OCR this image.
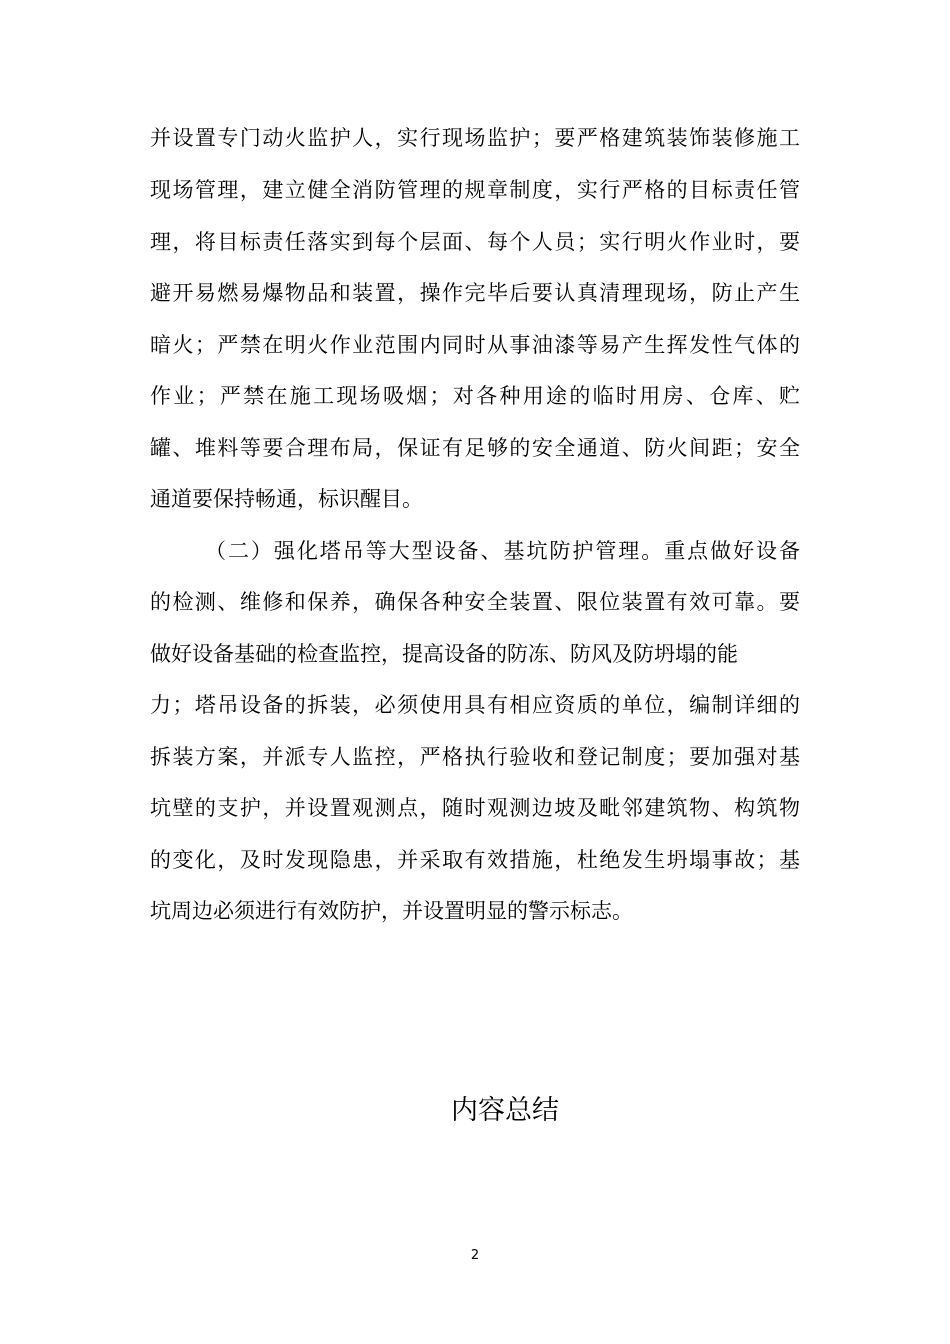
并设置专门动火监护人，实行现场监护；要严格建筑装饰装修施工

现场管理，建立健全消防管理的规章制度，实行严格的目标责任管

理，将目标责任落实到每个层面、每个人员；实行明火作业时，要

避开易燃易爆物品和装置，操作完毕后要认真清理现场，防止产生

暗火；严禁在明火作业范围内同时从事油漆等易产生挥发性气体的

作业；严禁在施工现场吸烟；对各种用途的临时用房、仓库、贮

罐、堆料等要合理布局，保证有足够的安全通道、防火间距；安全

通道要保持畅通，标识醒目。

（二）强化塔吊等大型设备、基坑防护管理。重点做好设备

的检测、维修和保养，确保各种安全装置、限位装置有效可靠。要

做好设备基础的检查监控，提高设备的防冻、防风及防坍塌的能

力；塔吊设备的拆装，必须使用具有相应资质的单位，编制详细的

拆装方案，并派专人监控，严格执行验收和登记制度；要加强对基

坑壁的支护，并设置观测点，随时观测边坡及毗邻建筑物、构筑物

的变化，及时发现隐患，并采取有效措施，杜绝发生坍塌事故；基

坑周边必须进行有效防护，并设置明显的警示标志。

内容总结
2
